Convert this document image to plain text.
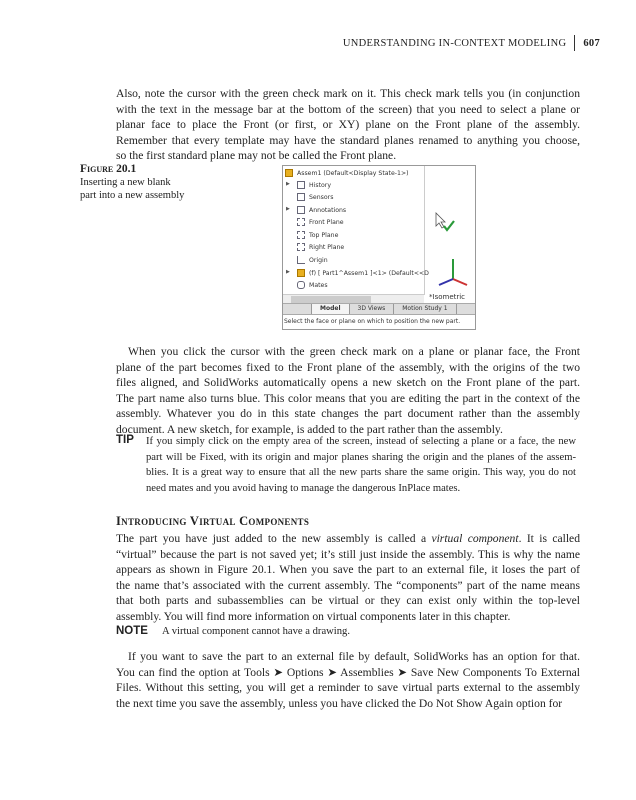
UNDERSTANDING IN-CONTEXT MODELING 607
Also, note the cursor with the green check mark on it. This check mark tells you (in conjunction
with the text in the message bar at the bottom of the screen) that you need to select a plane or
planar face to place the Front (or first, or XY) plane on the Front plane of the assembly.
Remember that every template may have the standard planes renamed to anything you choose,
so the first standard plane may not be called the Front plane.
Figure 20.1
Inserting a new blank
part into a new assembly
Assem1 (Default<Display State-1>)
▶	History
Sensors
▶	Annotations
Front Plane
Top Plane
Right Plane
Origin
▶	(f) [ Part1^Assem1 ]<1> (Default<<D
Mates
*Isometric
Model	3D Views	Motion Study 1
Select the face or plane on which to position the new part.
When you click the cursor with the green check mark on a plane or planar face, the Front
plane of the part becomes fixed to the Front plane of the assembly, with the origins of the two
files aligned, and SolidWorks automatically opens a new sketch on the Front plane of the part.
The part name also turns blue. This color means that you are editing the part in the context of the
assembly. Whatever you do in this state changes the part document rather than the assembly
document. A new sketch, for example, is added to the part rather than the assembly.
TIP If you simply click on the empty area of the screen, instead of selecting a plane or a face, the new
part will be Fixed, with its origin and major planes sharing the origin and the planes of the assem-
blies. It is a great way to ensure that all the new parts share the same origin. This way, you do not
need mates and you avoid having to manage the dangerous InPlace mates.
Introducing Virtual Components
The part you have just added to the new assembly is called a virtual component. It is called
“virtual” because the part is not saved yet; it’s still just inside the assembly. This is why the name
appears as shown in Figure 20.1. When you save the part to an external file, it loses the part of
the name that’s associated with the current assembly. The “components” part of the name means
that both parts and subassemblies can be virtual or they can exist only within the top-level
assembly. You will find more information on virtual components later in this chapter.
NOTE A virtual component cannot have a drawing.
If you want to save the part to an external file by default, SolidWorks has an option for that.
You can find the option at Tools ➤ Options ➤ Assemblies ➤ Save New Components To External
Files. Without this setting, you will get a reminder to save virtual parts external to the assembly
the next time you save the assembly, unless you have clicked the Do Not Show Again option for
